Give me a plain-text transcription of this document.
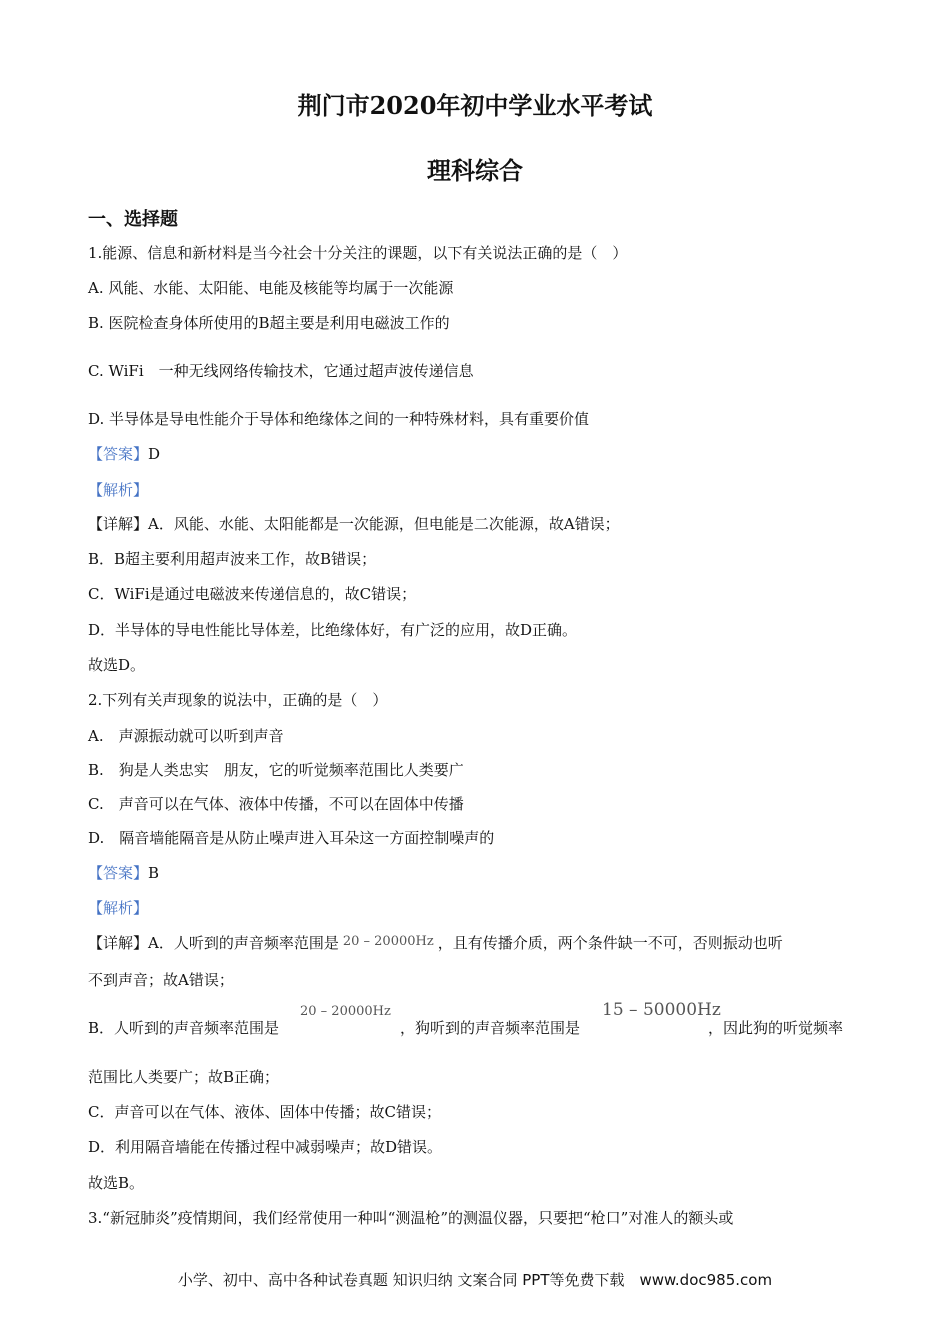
荆门市2020年初中学业水平考试
理科综合
一、选择题
1.能源、信息和新材料是当今社会十分关注的课题，以下有关说法正确的是（　）
A. 风能、水能、太阳能、电能及核能等均属于一次能源
B. 医院检查身体所使用的B超主要是利用电磁波工作的
C. WiFi　一种无线网络传输技术，它通过超声波传递信息
D. 半导体是导电性能介于导体和绝缘体之间的一种特殊材料，具有重要价值
【答案】D
【解析】
【详解】A．风能、水能、太阳能都是一次能源，但电能是二次能源，故A错误；
B．B超主要利用超声波来工作，故B错误；
C．WiFi是通过电磁波来传递信息的，故C错误；
D．半导体的导电性能比导体差，比绝缘体好，有广泛的应用，故D正确。
故选D。
2.下列有关声现象的说法中，正确的是（　）
A.　声源振动就可以听到声音
B.　狗是人类忠实　朋友，它的听觉频率范围比人类要广
C.　声音可以在气体、液体中传播，不可以在固体中传播
D.　隔音墙能隔音是从防止噪声进入耳朵这一方面控制噪声的
【答案】B
【解析】
【详解】A．人听到的声音频率范围是 20 – 20000Hz ，且有传播介质，两个条件缺一不可，否则振动也听
不到声音；故A错误；
B．人听到的声音频率范围是
20 – 20000Hz
，狗听到的声音频率范围是
15 – 50000Hz
，因此狗的听觉频率
范围比人类要广；故B正确；
C．声音可以在气体、液体、固体中传播；故C错误；
D．利用隔音墙能在传播过程中减弱噪声；故D错误。
故选B。
3.“新冠肺炎”疫情期间，我们经常使用一种叫“测温枪”的测温仪器，只要把“枪口”对准人的额头或
小学、初中、高中各种试卷真题 知识归纳 文案合同 PPT等免费下载　www.doc985.com
